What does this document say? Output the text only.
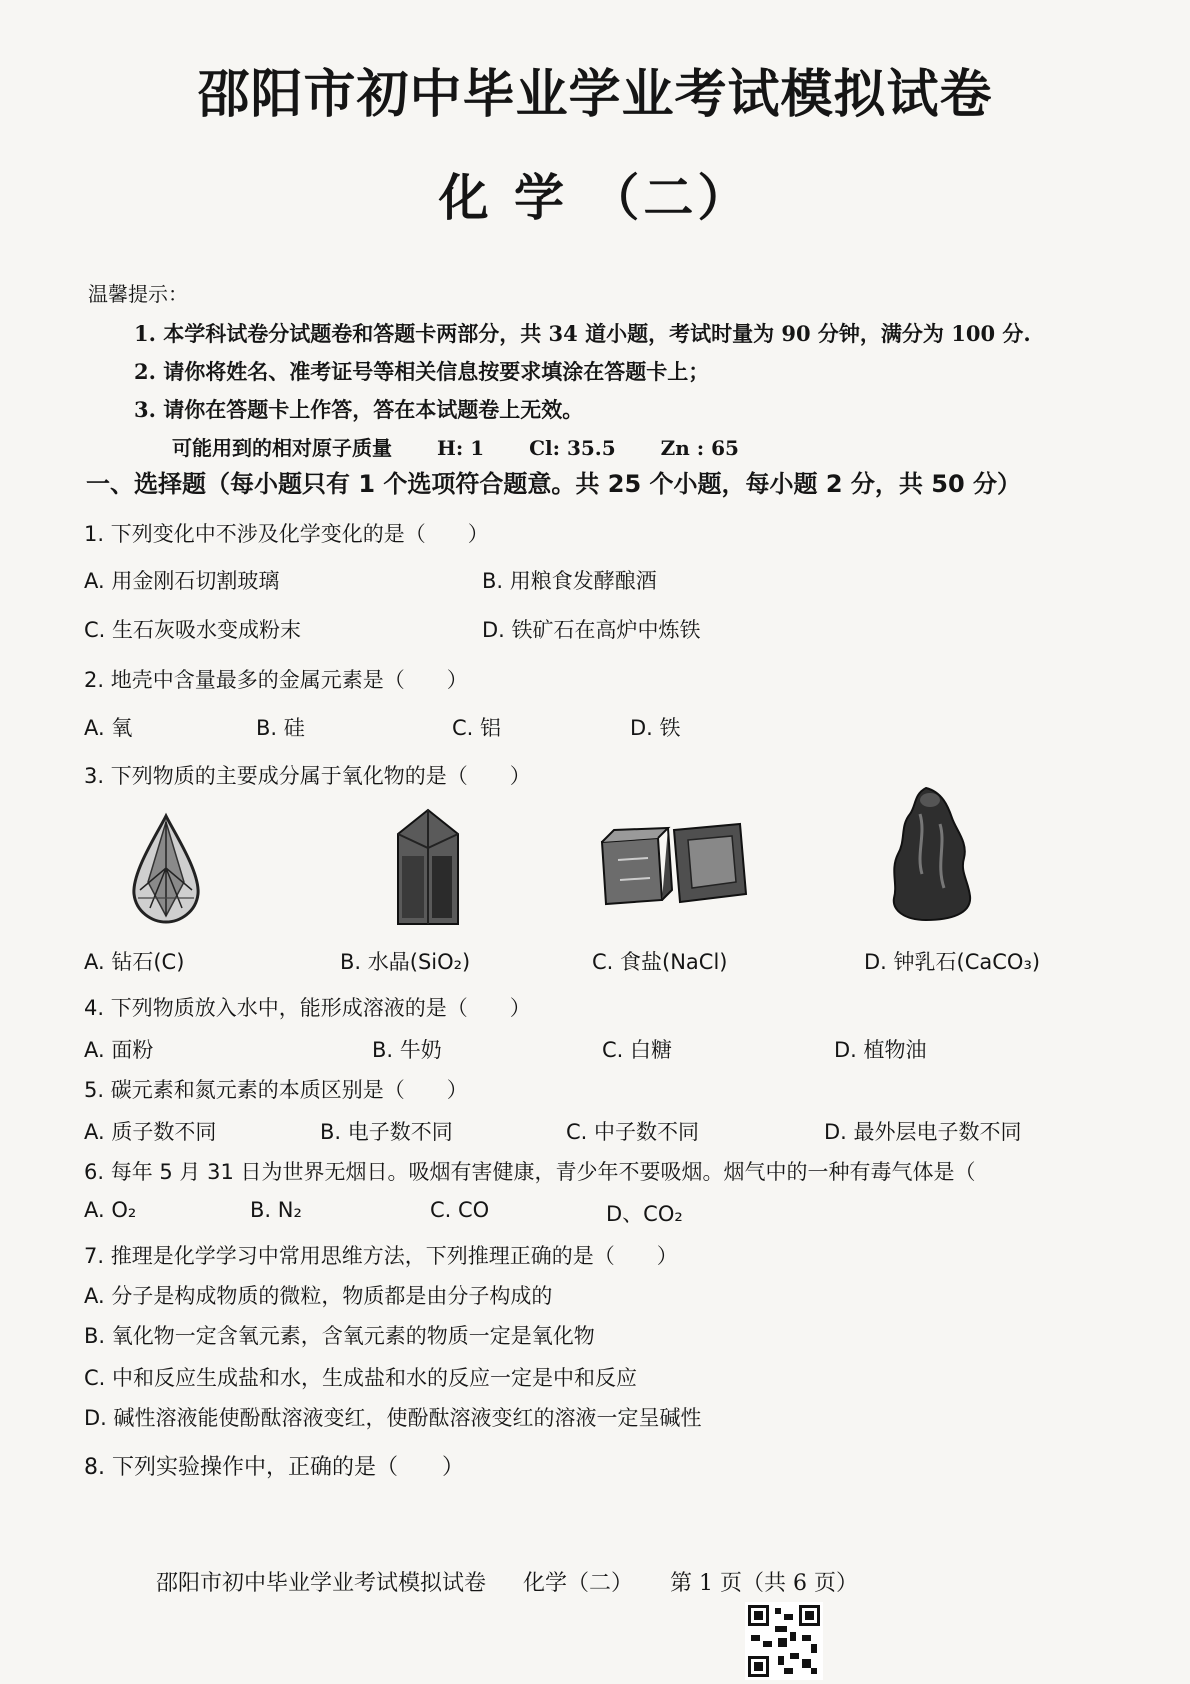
邵阳市初中毕业学业考试模拟试卷
化 学 （二）
温馨提示：
1. 本学科试卷分试题卷和答题卡两部分，共 34 道小题，考试时量为 90 分钟，满分为 100 分.
2. 请你将姓名、准考证号等相关信息按要求填涂在答题卡上；
3. 请你在答题卡上作答，答在本试题卷上无效。
可能用到的相对原子质量 H: 1 Cl: 35.5 Zn : 65
一、选择题（每小题只有 1 个选项符合题意。共 25 个小题，每小题 2 分，共 50 分）
1. 下列变化中不涉及化学变化的是（　　）
A. 用金刚石切割玻璃	B. 用粮食发酵酿酒
C. 生石灰吸水变成粉末	D. 铁矿石在高炉中炼铁
2. 地壳中含量最多的金属元素是（　　）
A. 氧	B. 硅	C. 铝	D. 铁
3. 下列物质的主要成分属于氧化物的是（　　）
A. 钻石(C)	B. 水晶(SiO₂)	C. 食盐(NaCl)	D. 钟乳石(CaCO₃)
4. 下列物质放入水中，能形成溶液的是（　　）
A. 面粉	B. 牛奶	C. 白糖	D. 植物油
5. 碳元素和氮元素的本质区别是（　　）
A. 质子数不同	B. 电子数不同	C. 中子数不同	D. 最外层电子数不同
6. 每年 5 月 31 日为世界无烟日。吸烟有害健康，青少年不要吸烟。烟气中的一种有毒气体是（
A. O₂	B. N₂	C. CO	D、CO₂
7. 推理是化学学习中常用思维方法，下列推理正确的是（　　）
A. 分子是构成物质的微粒，物质都是由分子构成的
B. 氧化物一定含氧元素，含氧元素的物质一定是氧化物
C. 中和反应生成盐和水，生成盐和水的反应一定是中和反应
D. 碱性溶液能使酚酞溶液变红，使酚酞溶液变红的溶液一定呈碱性
8. 下列实验操作中，正确的是（　　）
邵阳市初中毕业学业考试模拟试卷 化学（二） 第 1 页（共 6 页）
